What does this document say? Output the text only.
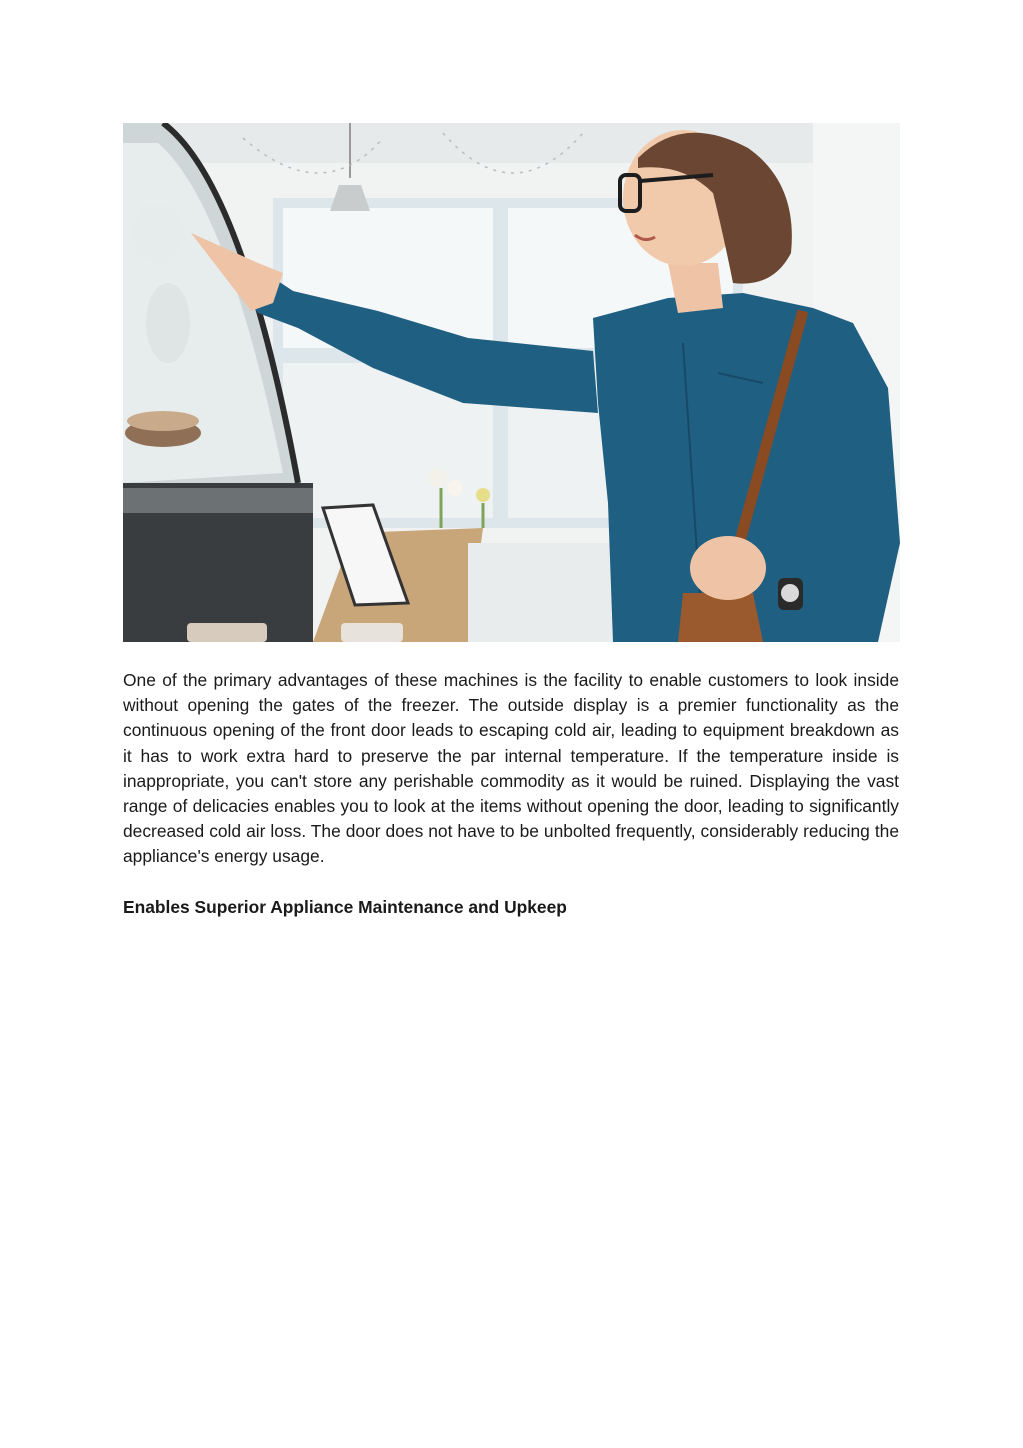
One of the primary advantages of these machines is the facility to enable customers to look inside without opening the gates of the freezer. The outside display is a premier functionality as the continuous opening of the front door leads to escaping cold air, leading to equipment breakdown as it has to work extra hard to preserve the par internal temperature. If the temperature inside is inappropriate, you can't store any perishable commodity as it would be ruined. Displaying the vast range of delicacies enables you to look at the items without opening the door, leading to significantly decreased cold air loss. The door does not have to be unbolted frequently, considerably reducing the appliance's energy usage.

Enables Superior Appliance Maintenance and Upkeep
